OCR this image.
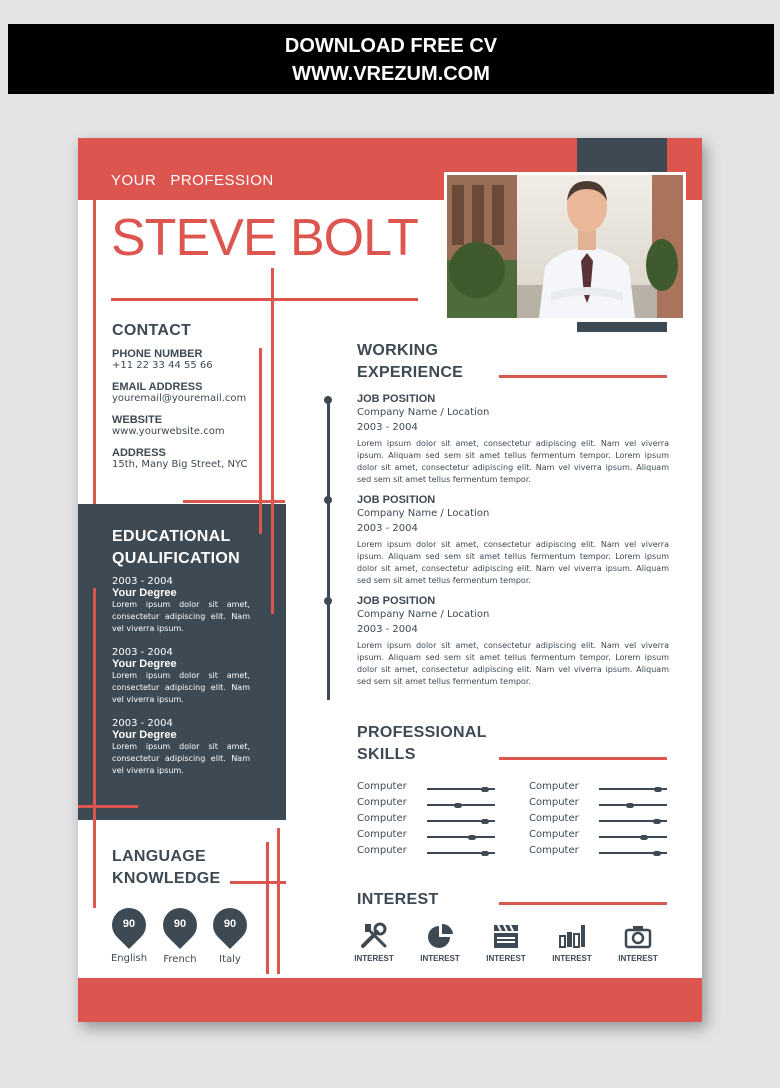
DOWNLOAD FREE CV
WWW.VREZUM.COM
YOUR   PROFESSION
STEVE BOLT
CONTACT
PHONE NUMBER
+11 22 33 44 55 66
EMAIL ADDRESS
youremail@youremail.com
WEBSITE
www.yourwebsite.com
ADDRESS
15th, Many Big Street, NYC
EDUCATIONAL
QUALIFICATION
2003 - 2004
Your Degree
Lorem ipsum dolor sit amet, consectetur adipiscing elit. Nam vel viverra ipsum.
2003 - 2004
Your Degree
Lorem ipsum dolor sit amet, consectetur adipiscing elit. Nam vel viverra ipsum.
2003 - 2004
Your Degree
Lorem ipsum dolor sit amet, consectetur adipiscing elit. Nam vel viverra ipsum.
LANGUAGE
KNOWLEDGE
90
English
90
French
90
Italy
WORKING
EXPERIENCE
JOB POSITION
Company Name / Location
2003 - 2004
Lorem ipsum dolor sit amet, consectetur adipiscing elit. Nam vel viverra ipsum. Aliquam sed sem sit amet tellus fermentum tempor. Lorem ipsum dolor sit amet, consectetur adipiscing elit. Nam vel viverra ipsum. Aliquam sed sem sit amet tellus fermentum tempor.
JOB POSITION
Company Name / Location
2003 - 2004
Lorem ipsum dolor sit amet, consectetur adipiscing elit. Nam vel viverra ipsum. Aliquam sed sem sit amet tellus fermentum tempor. Lorem ipsum dolor sit amet, consectetur adipiscing elit. Nam vel viverra ipsum. Aliquam sed sem sit amet tellus fermentum tempor.
JOB POSITION
Company Name / Location
2003 - 2004
Lorem ipsum dolor sit amet, consectetur adipiscing elit. Nam vel viverra ipsum. Aliquam sed sem sit amet tellus fermentum tempor. Lorem ipsum dolor sit amet, consectetur adipiscing elit. Nam vel viverra ipsum. Aliquam sed sem sit amet tellus fermentum tempor.
PROFESSIONAL
SKILLS
Computer
Computer
Computer
Computer
Computer
Computer
Computer
Computer
Computer
Computer
INTEREST
INTEREST	INTEREST	INTEREST	INTEREST	INTEREST
